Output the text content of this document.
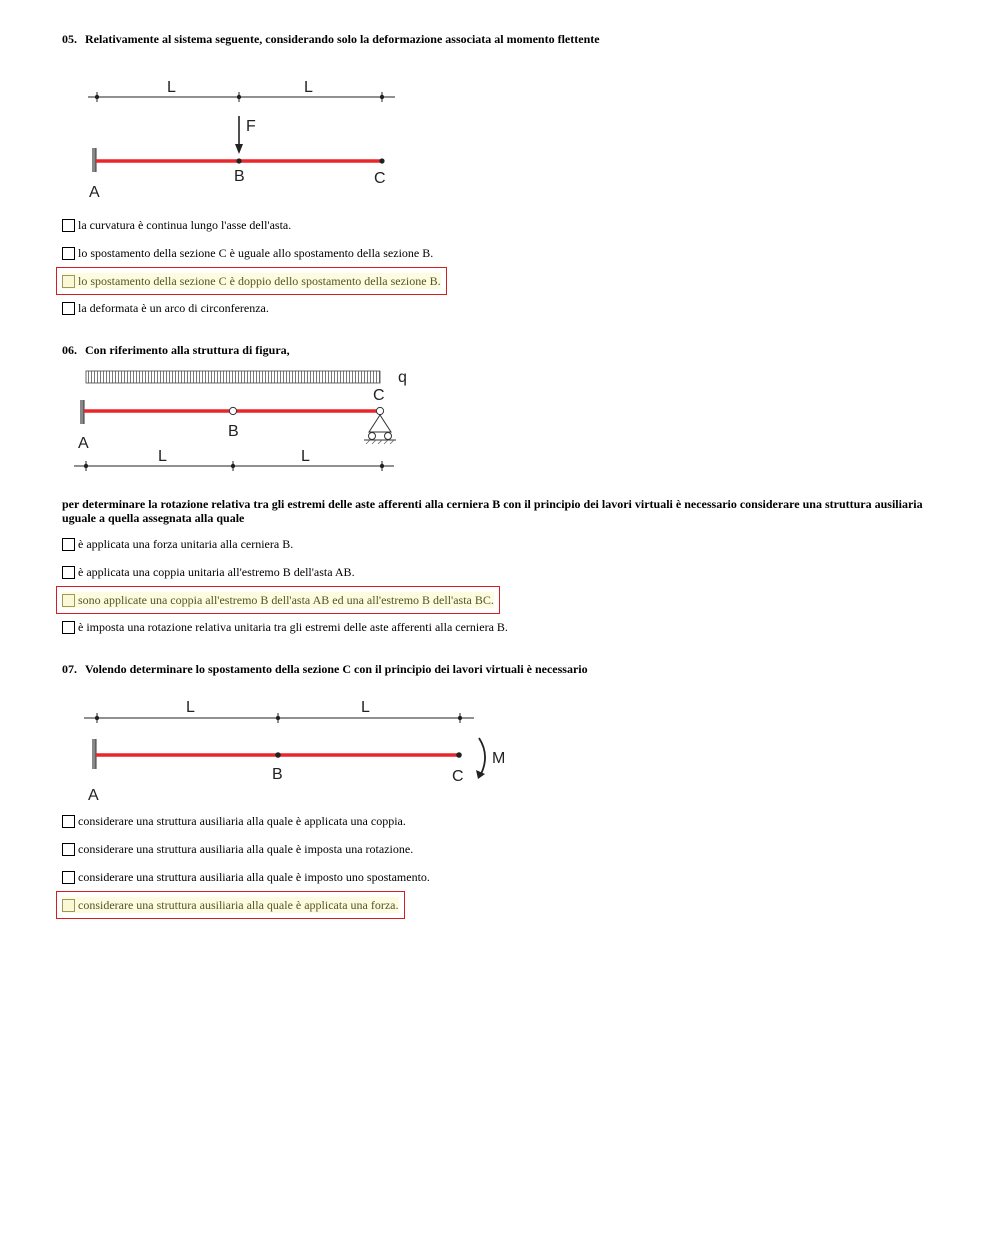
05. Relativamente al sistema seguente, considerando solo la deformazione associata al momento flettente
L	L
F
A
B	C
la curvatura è continua lungo l'asse dell'asta.
lo spostamento della sezione C è uguale allo spostamento della sezione B.
lo spostamento della sezione C è doppio dello spostamento della sezione B.
la deformata è un arco di circonferenza.
06. Con riferimento alla struttura di figura,
q
A
B
C
L	L
per determinare la rotazione relativa tra gli estremi delle aste afferenti alla cerniera B con il principio dei lavori virtuali è necessario considerare una struttura ausiliaria uguale a quella assegnata alla quale
è applicata una forza unitaria alla cerniera B.
è applicata una coppia unitaria all'estremo B dell'asta AB.
sono applicate una coppia all'estremo B dell'asta AB ed una all'estremo B dell'asta BC.
è imposta una rotazione relativa unitaria tra gli estremi delle aste afferenti alla cerniera B.
07. Volendo determinare lo spostamento della sezione C con il principio dei lavori virtuali è necessario
L	L
M
A
B	C
considerare una struttura ausiliaria alla quale è applicata una coppia.
considerare una struttura ausiliaria alla quale è imposta una rotazione.
considerare una struttura ausiliaria alla quale è imposto uno spostamento.
considerare una struttura ausiliaria alla quale è applicata una forza.
